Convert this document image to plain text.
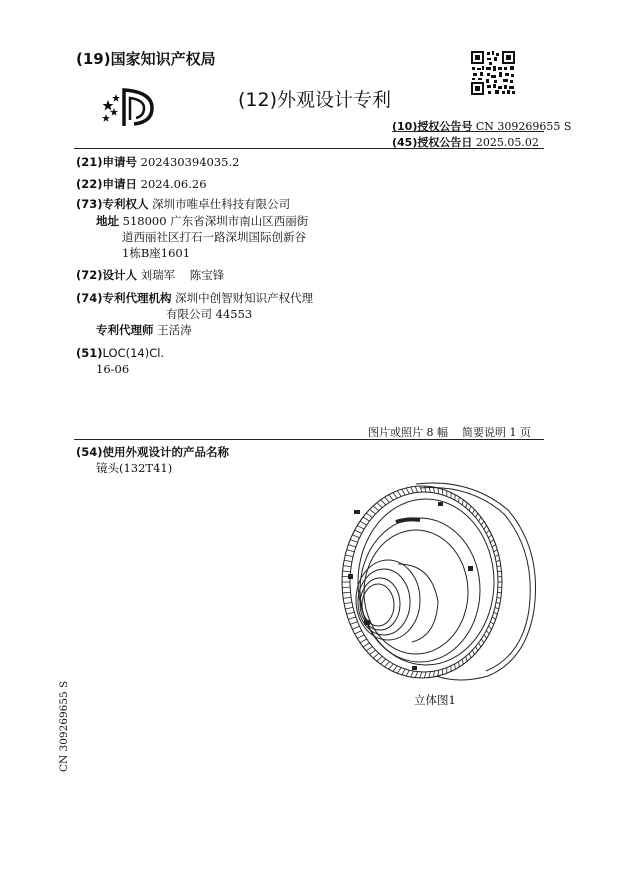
(19)国家知识产权局
(12)外观设计专利
(10)授权公告号 CN 309269655 S
(45)授权公告日 2025.05.02
(21)申请号 202430394035.2
(22)申请日 2024.06.26
(73)专利权人 深圳市唯卓仕科技有限公司
地址 518000 广东省深圳市南山区西丽街
道西丽社区打石一路深圳国际创新谷
1栋B座1601
(72)设计人 刘瑞军    陈宝锋
(74)专利代理机构 深圳中创智财知识产权代理
有限公司 44553
专利代理师 王活涛
(51)LOC(14)Cl.
16-06
图片或照片 8 幅    简要说明 1 页
(54)使用外观设计的产品名称
镜头(132T41)
立体图1
CN 309269655 S
